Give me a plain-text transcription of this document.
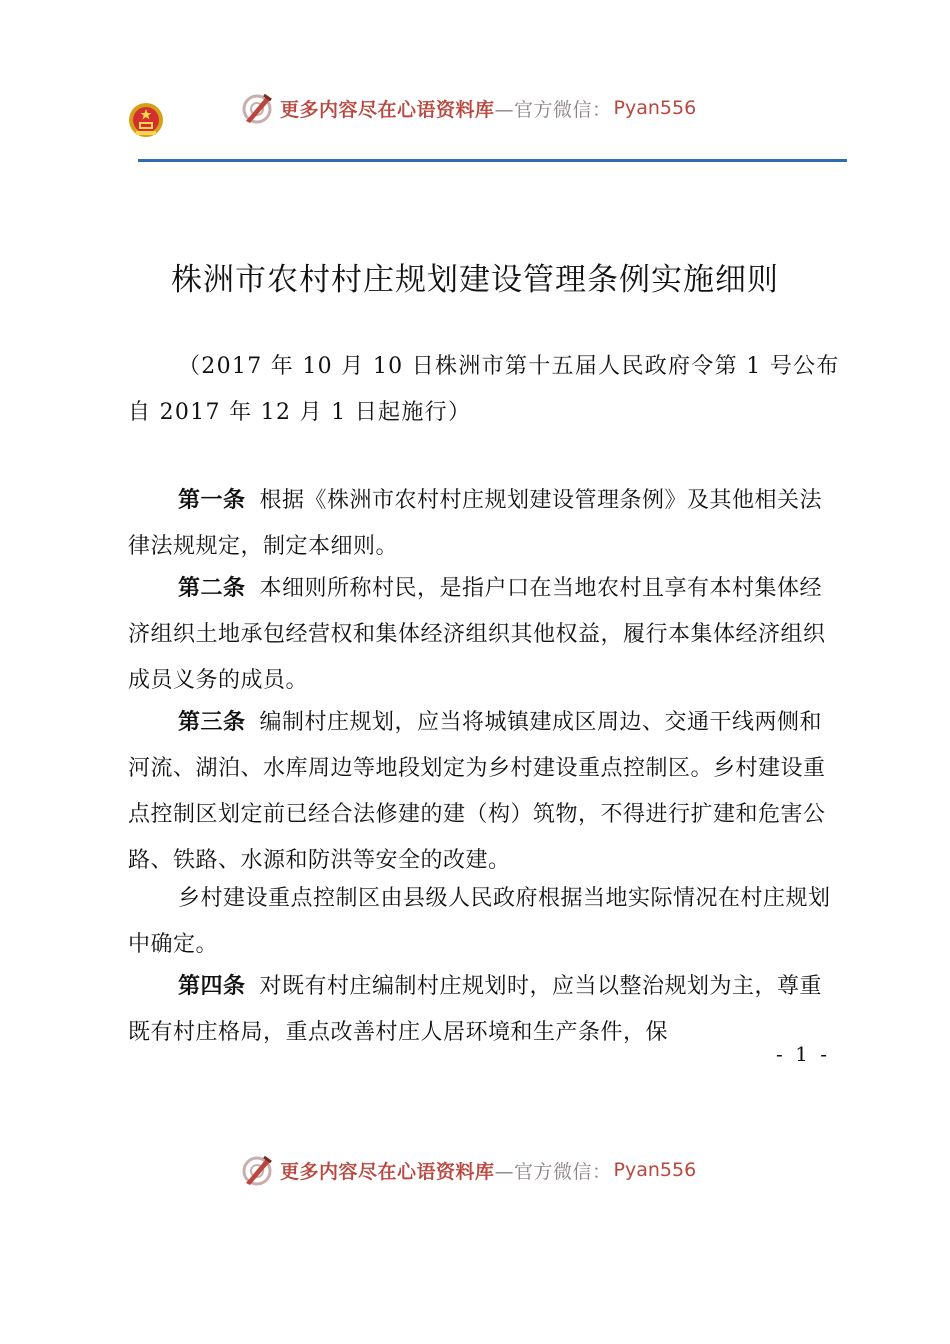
更多内容尽在心语资料库 —官方微信： Pyan556
株洲市农村村庄规划建设管理条例实施细则

（2017 年 10 月 10 日株洲市第十五届人民政府令第 1 号公布 自 2017 年 12 月 1 日起施行）

第一条 根据《株洲市农村村庄规划建设管理条例》及其他相关法律法规规定，制定本细则。

第二条 本细则所称村民，是指户口在当地农村且享有本村集体经济组织土地承包经营权和集体经济组织其他权益，履行本集体经济组织成员义务的成员。

第三条 编制村庄规划，应当将城镇建成区周边、交通干线两侧和河流、湖泊、水库周边等地段划定为乡村建设重点控制区。乡村建设重点控制区划定前已经合法修建的建（构）筑物，不得进行扩建和危害公路、铁路、水源和防洪等安全的改建。

乡村建设重点控制区由县级人民政府根据当地实际情况在村庄规划中确定。

第四条 对既有村庄编制村庄规划时，应当以整治规划为主，尊重既有村庄格局，重点改善村庄人居环境和生产条件，保

- 1 -
更多内容尽在心语资料库 —官方微信： Pyan556
